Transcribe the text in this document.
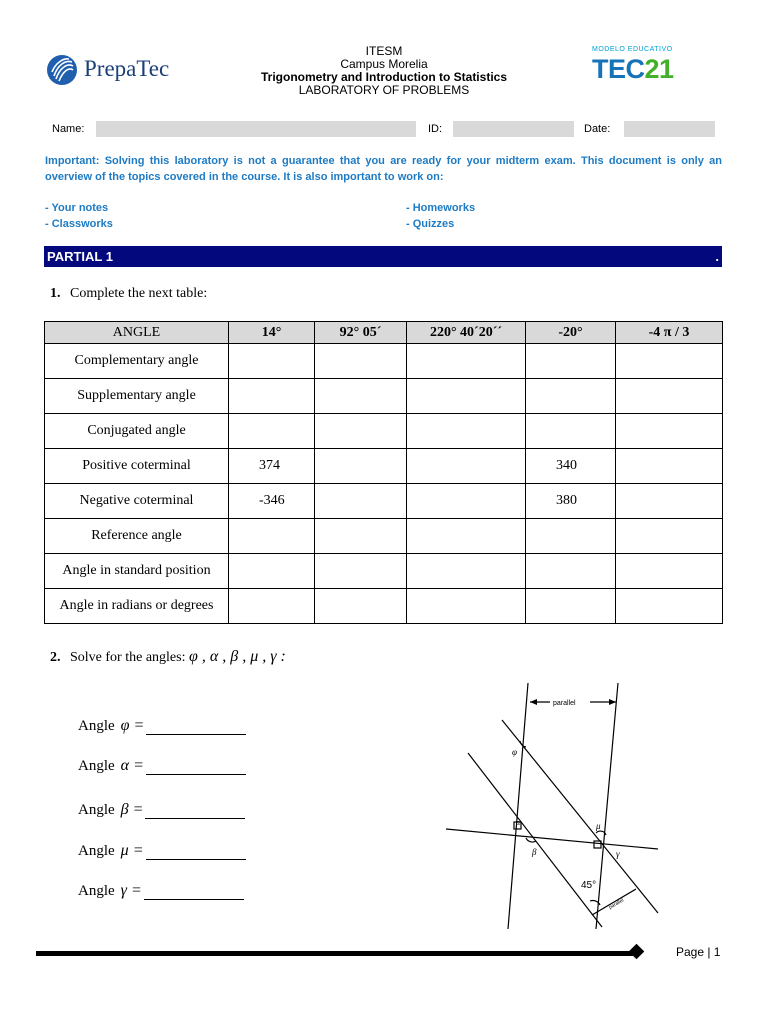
PrepaTec
ITESM
Campus Morelia
Trigonometry and Introduction to Statistics
LABORATORY OF PROBLEMS
MODELO EDUCATIVO
TEC21
Name:	ID:	Date:
Important: Solving this laboratory is not a guarantee that you are ready for your midterm exam. This document is only an overview of the topics covered in the course. It is also important to work on:
- Your notes
- Classworks
- Homeworks
- Quizzes
PARTIAL 1	.
1. Complete the next table:
ANGLE	14°	92° 05´	220° 40´20´´	-20°	-4 π / 3
Complementary angle					
Supplementary angle					
Conjugated angle					
Positive coterminal	374			340	
Negative coterminal	-346			380	
Reference angle					
Angle in standard position					
Angle in radians or degrees					
2. Solve for the angles: φ , α , β , μ , γ :
Angle φ =
Angle α =
Angle β =
Angle μ =
Angle γ =
parallel
parallel
φ
α
β
μ
γ
45°
Page | 1
